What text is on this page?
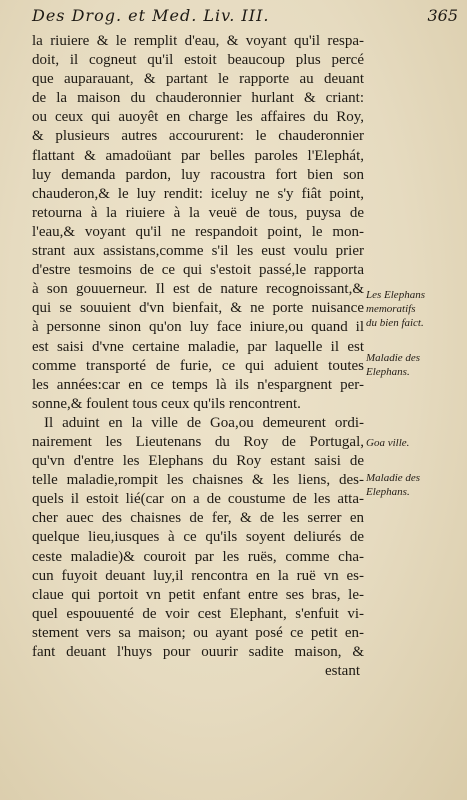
Des Drog. et Med. Liv. III.	365
la riuiere & le remplit d'eau, & voyant qu'il respa-
doit, il cogneut qu'il estoit beaucoup plus percé
que auparauant, & partant le rapporte au deuant
de la maison du chauderonnier hurlant & criant:
ou ceux qui auoyêt en charge les affaires du Roy,
& plusieurs autres accoururent: le chauderonnier
flattant & amadoüant par belles paroles l'Elephát,
luy demanda pardon, luy racoustra fort bien son
chauderon,& le luy rendit: iceluy ne s'y fiât point,
retourna à la riuiere à la veuë de tous, puysa de
l'eau,& voyant qu'il ne respandoit point, le mon-
strant aux assistans,comme s'il les eust voulu prier
d'estre tesmoins de ce qui s'estoit passé,le rapporta
à son gouuerneur. Il est de nature recognoissant,&
qui se souuient d'vn bienfait, & ne porte nuisance
à personne sinon qu'on luy face iniure,ou quand il
est saisi d'vne certaine maladie, par laquelle il est
comme transporté de furie, ce qui aduient toutes
les années:car en ce temps là ils n'espargnent per-
sonne,& foulent tous ceux qu'ils rencontrent.
Il aduint en la ville de Goa,ou demeurent ordi-
nairement les Lieutenans du Roy de Portugal,
qu'vn d'entre les Elephans du Roy estant saisi de
telle maladie,rompit les chaisnes & les liens, des-
quels il estoit lié(car on a de coustume de les atta-
cher auec des chaisnes de fer, & de les serrer en
quelque lieu,iusques à ce qu'ils soyent deliurés de
ceste maladie)& couroit par les ruës, comme cha-
cun fuyoit deuant luy,il rencontra en la ruë vn es-
claue qui portoit vn petit enfant entre ses bras, le-
quel espouuenté de voir cest Elephant, s'enfuit vi-
stement vers sa maison; ou ayant posé ce petit en-
fant deuant l'huys pour ouurir sadite maison, &
estant
Les Elephans
memoratifs
du bien faict.
Maladie des
Elephans.
Goa ville.
Maladie des
Elephans.
